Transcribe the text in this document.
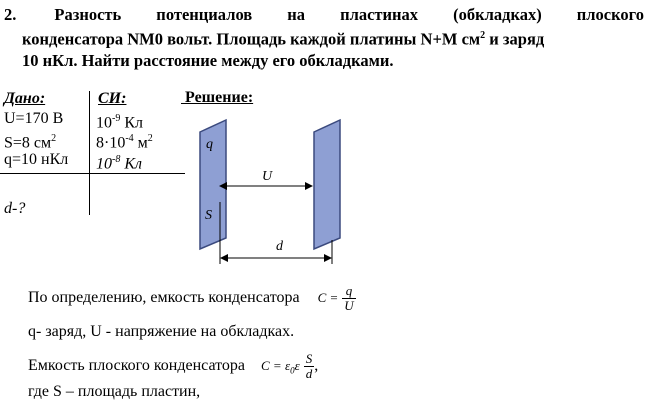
2. Разность потенциалов на пластинах (обкладках) плоского
конденсатора NM0 вольт. Площадь каждой платины N+M $см^2$ и заряд
10 нКл. Найти расстояние между его обкладками.
Дано:
U=170 В
S=8 $см^2$
q=10 нКл
d-?
СИ:
$10^{-9}$ Кл
$8\cdot 10^{-4}$ $м^2$
$10^{-8}$ Кл
Решение:
q
S
U
d
По определению, емкость конденсатора $C = \frac{q}{U}$
q- заряд, U - напряжение на обкладках.
Емкость плоского конденсатора $C = \varepsilon_0\varepsilon \frac{S}{d}$ ,
где S – площадь пластин,
